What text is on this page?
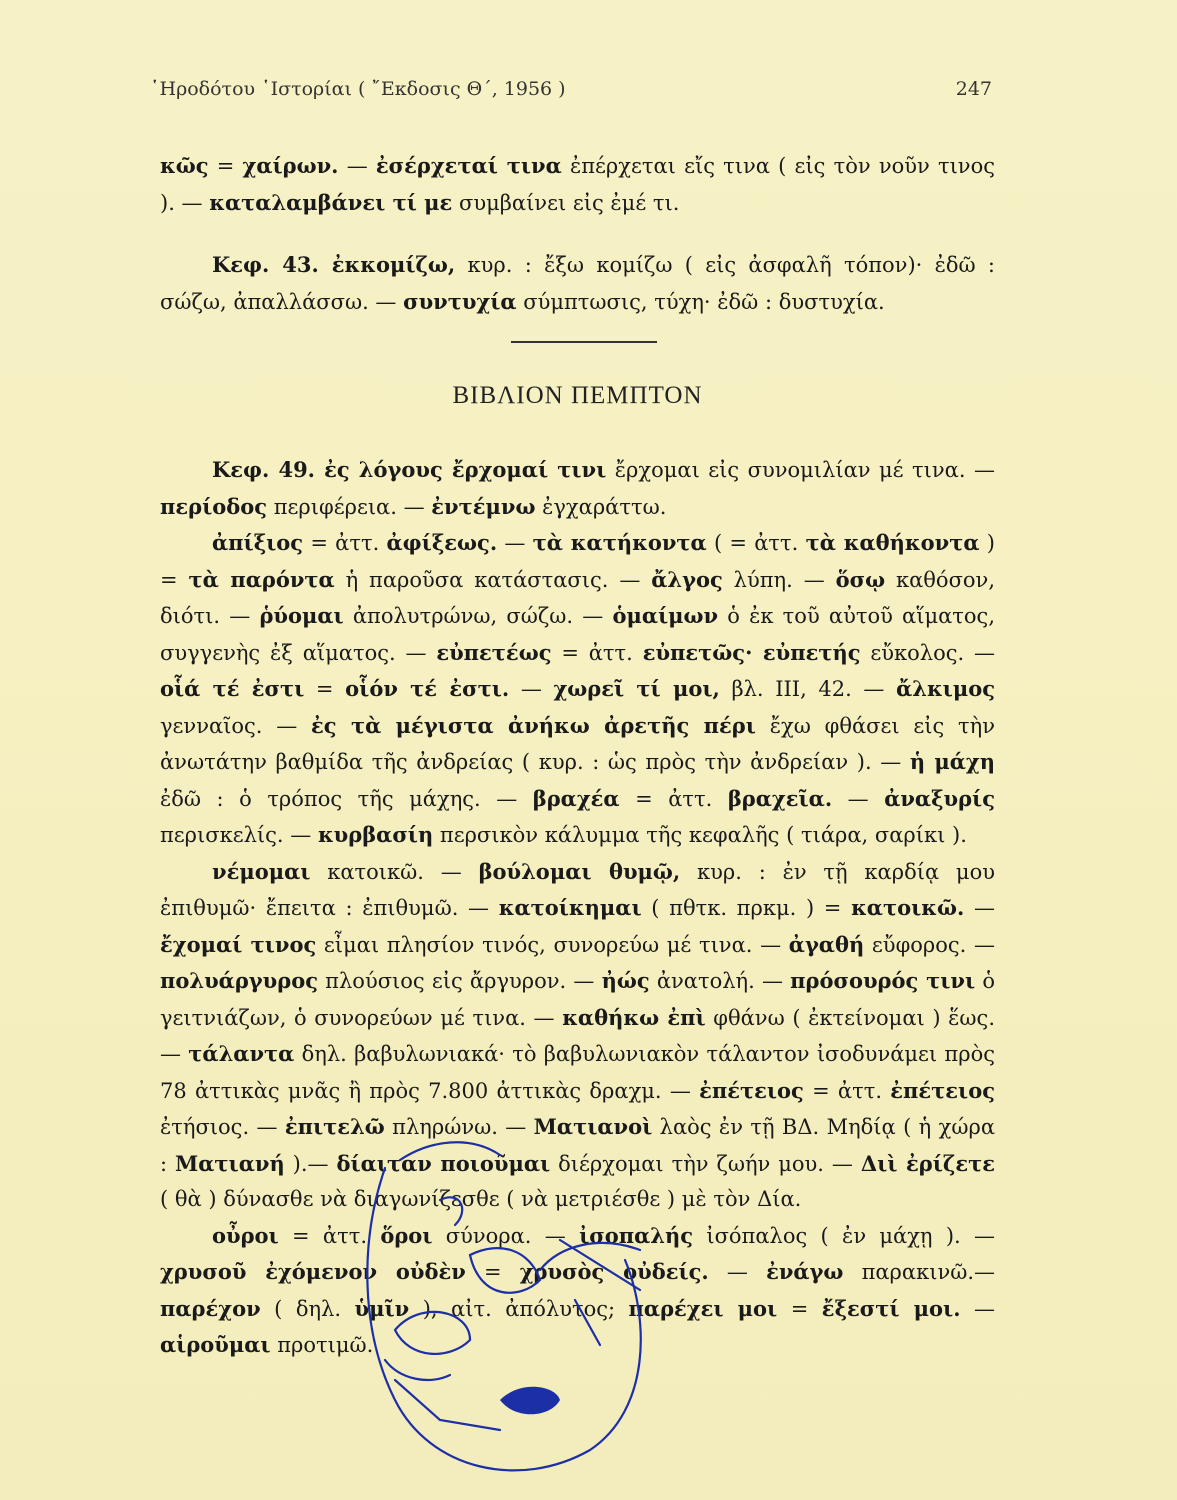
῾Ηροδότου ῾Ιστορίαι ( ῎Εκδοσις Θ΄, 1956 )	247

κῶς = χαίρων. — ἐσέρχεταί τινα ἐπέρχεται εἴς τινα ( εἰς τὸν νοῦν τινος ). — καταλαμβάνει τί με συμβαίνει εἰς ἐμέ τι.

Κεφ. 43. ἐκκομίζω, κυρ. : ἔξω κομίζω ( εἰς ἀσφαλῆ τόπον)· ἐδῶ : σώζω, ἀπαλλάσσω. — συντυχία σύμπτωσις, τύχη· ἐδῶ : δυστυχία.

ΒΙΒΛΙΟΝ ΠΕΜΠΤΟΝ

Κεφ. 49. ἐς λόγους ἔρχομαί τινι ἔρχομαι εἰς συνομιλίαν μέ τινα. — περίοδος περιφέρεια. — ἐντέμνω ἐγχαράττω.

ἀπίξιος = ἀττ. ἀφίξεως. — τὰ κατήκοντα ( = ἀττ. τὰ καθήκοντα ) = τὰ παρόντα ἡ παροῦσα κατάστασις. — ἄλγος λύπη. — ὅσῳ καθόσον, διότι. — ῥύομαι ἀπολυτρώνω, σώζω. — ὁμαίμων ὁ ἐκ τοῦ αὐτοῦ αἵματος, συγγενὴς ἐξ αἵματος. — εὐπετέως = ἀττ. εὐπετῶς· εὐπετής εὔκολος. — οἷά τέ ἐστι = οἷόν τέ ἐστι. — χωρεῖ τί μοι, βλ. III, 42. — ἄλκιμος γενναῖος. — ἐς τὰ μέγιστα ἀνήκω ἀρετῆς πέρι ἔχω φθάσει εἰς τὴν ἀνωτάτην βαθμίδα τῆς ἀνδρείας ( κυρ. : ὡς πρὸς τὴν ἀνδρείαν ). — ἡ μάχη ἐδῶ : ὁ τρόπος τῆς μάχης. — βραχέα = ἀττ. βραχεῖα. — ἀναξυρίς περισκελίς. — κυρβασίη περσικὸν κάλυμμα τῆς κεφαλῆς ( τιάρα, σαρίκι ).

νέμομαι κατοικῶ. — βούλομαι θυμῷ, κυρ. : ἐν τῇ καρδίᾳ μου ἐπιθυμῶ· ἔπειτα : ἐπιθυμῶ. — κατοίκημαι ( πθτκ. πρκμ. ) = κατοικῶ. — ἔχομαί τινος εἶμαι πλησίον τινός, συνορεύω μέ τινα. — ἀγαθή εὔφορος. — πολυάργυρος πλούσιος εἰς ἄργυρον. — ἠώς ἀνατολή. — πρόσουρός τινι ὁ γειτνιάζων, ὁ συνορεύων μέ τινα. — καθήκω ἐπὶ φθάνω ( ἐκτείνομαι ) ἕως. — τάλαντα δηλ. βαβυλωνιακά· τὸ βαβυλωνιακὸν τάλαντον ἰσοδυνάμει πρὸς 78 ἀττικὰς μνᾶς ἢ πρὸς 7.800 ἀττικὰς δραχμ. — ἐπέτειος = ἀττ. ἐπέτειος ἐτήσιος. — ἐπιτελῶ πληρώνω. — Ματιανοὶ λαὸς ἐν τῇ ΒΔ. Μηδίᾳ ( ἡ χώρα : Ματιανή ).— δίαιταν ποιοῦμαι διέρχομαι τὴν ζωήν μου. — Διὶ ἐρίζετε ( θὰ ) δύνασθε νὰ διαγωνίζεσθε ( νὰ μετριέσθε ) μὲ τὸν Δία.

οὖροι = ἀττ. ὅροι σύνορα. — ἰσοπαλής ἰσόπαλος ( ἐν μάχῃ ). — χρυσοῦ ἐχόμενον οὐδὲν = χρυσὸς οὐδείς. — ἐνάγω παρακινῶ.— παρέχον ( δηλ. ὑμῖν ), αἰτ. ἀπόλυτος; παρέχει μοι = ἔξεστί μοι. — αἱροῦμαι προτιμῶ.
